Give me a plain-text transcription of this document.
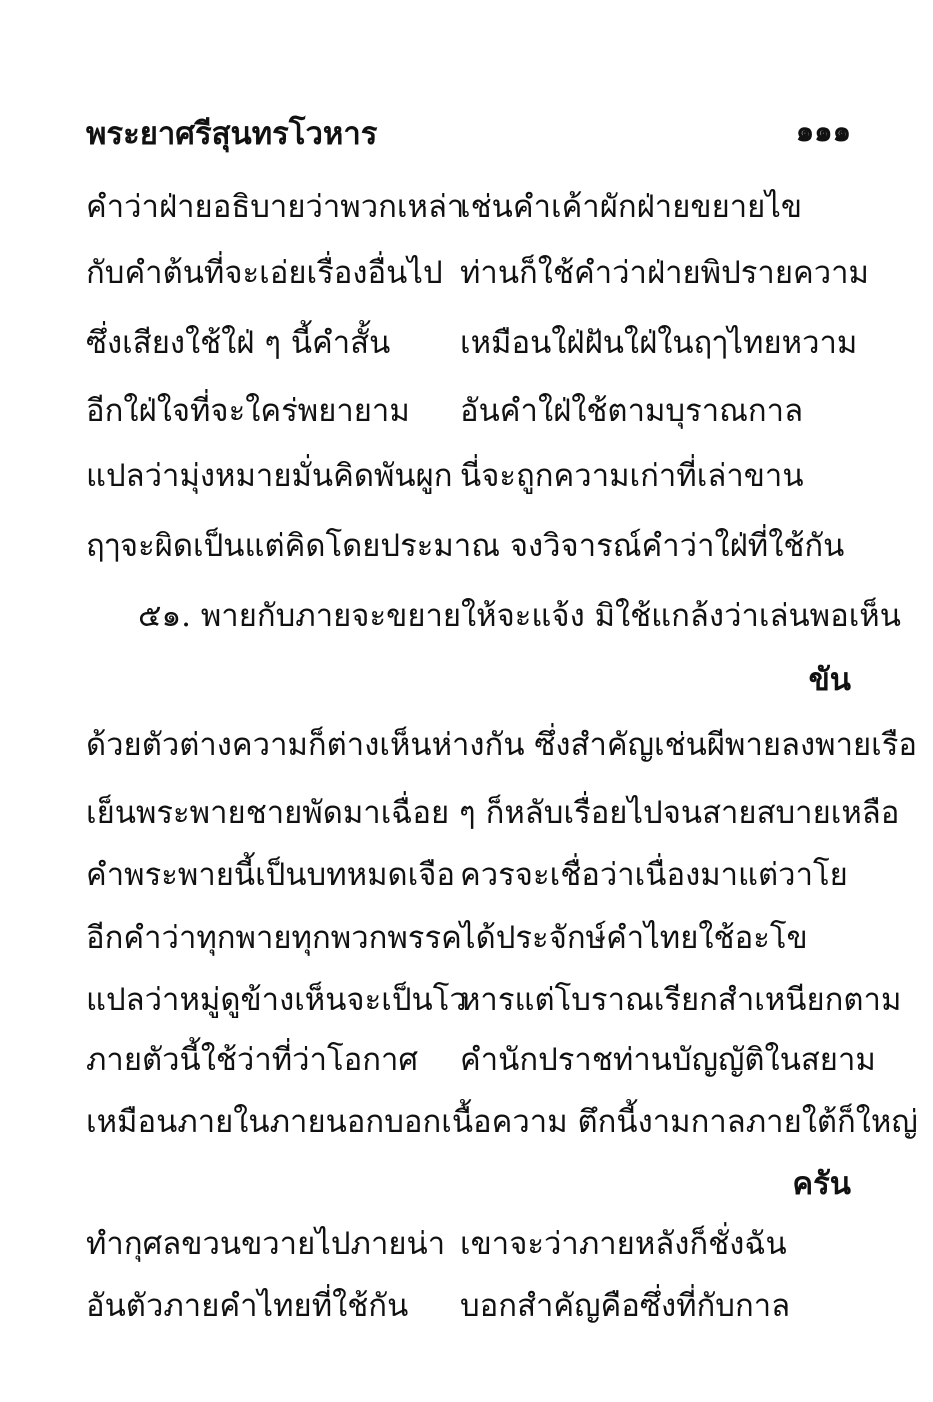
พระยาศรีสุนทรโวหาร	๑๑๑
คำว่าฝ่ายอธิบายว่าพวกเหล่า
เช่นคำเค้าผักฝ่ายขยายไข
กับคำต้นที่จะเอ่ยเรื่องอื่นไป ท่านก็ใช้คำว่าฝ่ายพิปรายความ
ซึ่งเสียงใช้ใฝ่ ๆ นี้คำสั้น เหมือนใฝ่ฝันใฝ่ในฤๅไทยหวาม
อีกใฝ่ใจที่จะใคร่พยายาม อันคำใฝ่ใช้ตามบุราณกาล
แปลว่ามุ่งหมายมั่นคิดพันผูก นี่จะถูกความเก่าที่เล่าขาน
ฤๅจะผิดเป็นแต่คิดโดยประมาณ จงวิจารณ์คำว่าใฝ่ที่ใช้กัน
๕๑. พายกับภายจะขยายให้จะแจ้ง มิใช้แกล้งว่าเล่นพอเห็น
ขัน
ด้วยตัวต่างความก็ต่างเห็นห่างกัน ซึ่งสำคัญเช่นผีพายลงพายเรือ
เย็นพระพายชายพัดมาเฉื่อย ๆ ก็หลับเรื่อยไปจนสายสบายเหลือ
คำพระพายนี้เป็นบทหมดเจือ ควรจะเชื่อว่าเนื่องมาแต่วาโย
อีกคำว่าทุกพายทุกพวกพรรค
ได้ประจักษ์คำไทยใช้อะโข
แปลว่าหมู่ดูข้างเห็นจะเป็นโว
หารแต่โบราณเรียกสำเหนียกตาม
ภายตัวนี้ใช้ว่าที่ว่าโอกาศ คำนักปราชท่านบัญญัติในสยาม
เหมือนภายในภายนอกบอกเนื้อความ ตึกนี้งามกาลภายใต้ก็ใหญ่
ครัน
ทำกุศลขวนขวายไปภายน่า เขาจะว่าภายหลังก็ชั่งฉัน
อันตัวภายคำไทยที่ใช้กัน บอกสำคัญคือซึ่งที่กับกาล
